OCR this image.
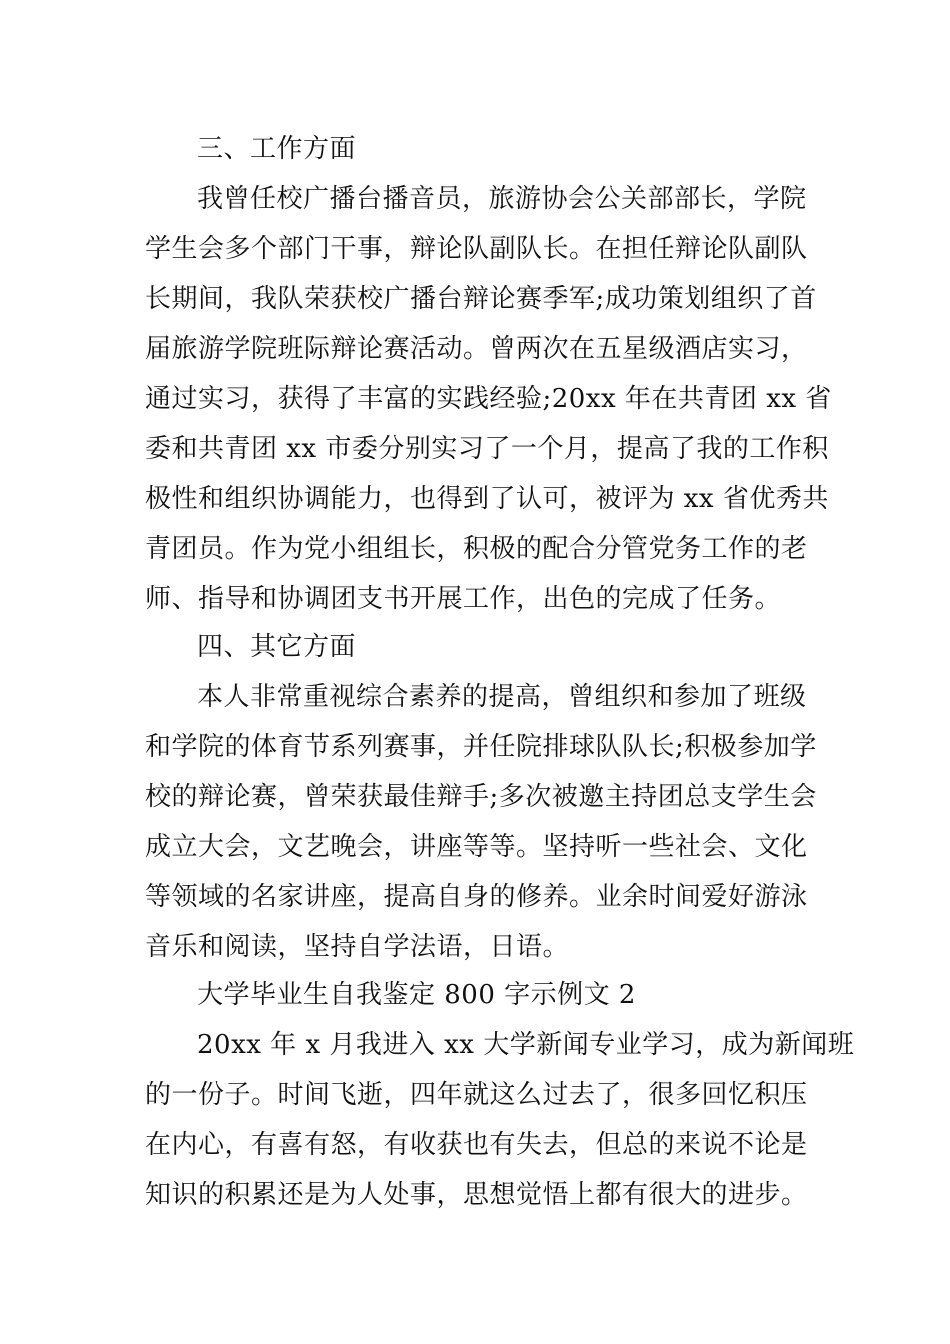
三、工作方面
我曾任校广播台播音员，旅游协会公关部部长，学院
学生会多个部门干事，辩论队副队长。在担任辩论队副队
长期间，我队荣获校广播台辩论赛季军;成功策划组织了首
届旅游学院班际辩论赛活动。曾两次在五星级酒店实习，
通过实习，获得了丰富的实践经验;20xx 年在共青团 xx 省
委和共青团 xx 市委分别实习了一个月，提高了我的工作积
极性和组织协调能力，也得到了认可，被评为 xx 省优秀共
青团员。作为党小组组长，积极的配合分管党务工作的老
师、指导和协调团支书开展工作，出色的完成了任务。
四、其它方面
本人非常重视综合素养的提高，曾组织和参加了班级
和学院的体育节系列赛事，并任院排球队队长;积极参加学
校的辩论赛，曾荣获最佳辩手;多次被邀主持团总支学生会
成立大会，文艺晚会，讲座等等。坚持听一些社会、文化
等领域的名家讲座，提高自身的修养。业余时间爱好游泳
音乐和阅读，坚持自学法语，日语。
大学毕业生自我鉴定 800 字示例文 2
20xx 年 x 月我进入 xx 大学新闻专业学习，成为新闻班
的一份子。时间飞逝，四年就这么过去了，很多回忆积压
在内心，有喜有怒，有收获也有失去，但总的来说不论是
知识的积累还是为人处事，思想觉悟上都有很大的进步。
